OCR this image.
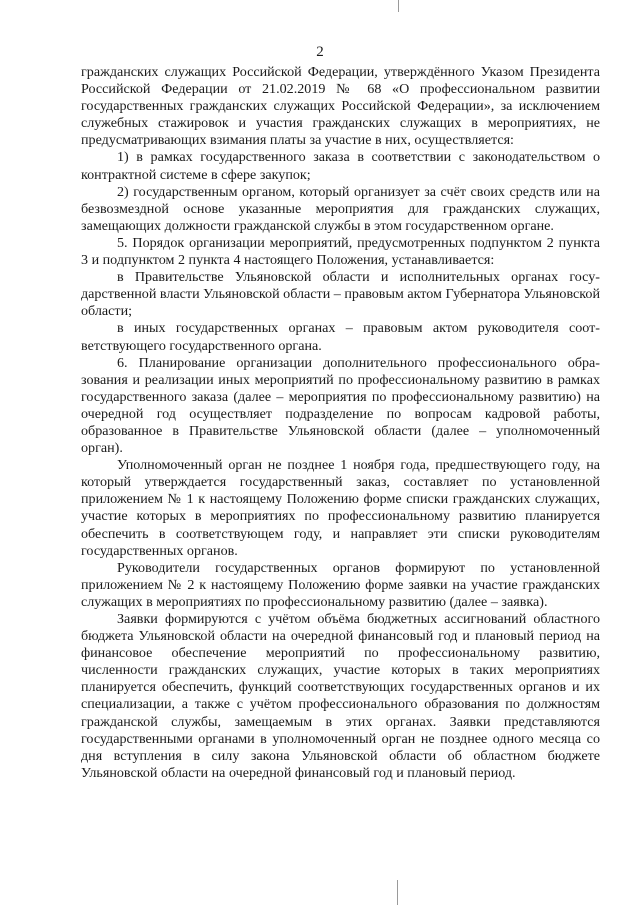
2

гражданских служащих Российской Федерации, утверждённого Указом Президента Российской Федерации от 21.02.2019 № 68 «О профессиональном развитии государственных гражданских служащих Российской Федерации», за исключением служебных стажировок и участия гражданских служащих в мероприятиях, не предусматривающих взимания платы за участие в них, осуществляется:

1) в рамках государственного заказа в соответствии с законодательством о контрактной системе в сфере закупок;

2) государственным органом, который организует за счёт своих средств или на безвозмездной основе указанные мероприятия для гражданских служащих, замещающих должности гражданской службы в этом государственном органе.

5. Порядок организации мероприятий, предусмотренных подпунктом 2 пункта 3 и подпунктом 2 пункта 4 настоящего Положения, устанавливается:

в Правительстве Ульяновской области и исполнительных органах государственной власти Ульяновской области – правовым актом Губернатора Ульяновской области;

в иных государственных органах – правовым актом руководителя соответствующего государственного органа.

6. Планирование организации дополнительного профессионального образования и реализации иных мероприятий по профессиональному развитию в рамках государственного заказа (далее – мероприятия по профессиональному развитию) на очередной год осуществляет подразделение по вопросам кадровой работы, образованное в Правительстве Ульяновской области (далее – уполномоченный орган).

Уполномоченный орган не позднее 1 ноября года, предшествующего году, на который утверждается государственный заказ, составляет по установленной приложением № 1 к настоящему Положению форме списки гражданских служащих, участие которых в мероприятиях по профессиональному развитию планируется обеспечить в соответствующем году, и направляет эти списки руководителям государственных органов.

Руководители государственных органов формируют по установленной приложением № 2 к настоящему Положению форме заявки на участие гражданских служащих в мероприятиях по профессиональному развитию (далее – заявка).

Заявки формируются с учётом объёма бюджетных ассигнований областного бюджета Ульяновской области на очередной финансовый год и плановый период на финансовое обеспечение мероприятий по профессиональному развитию, численности гражданских служащих, участие которых в таких мероприятиях планируется обеспечить, функций соответствующих государственных органов и их специализации, а также с учётом профессионального образования по должностям гражданской службы, замещаемым в этих органах. Заявки представляются государственными органами в уполномоченный орган не позднее одного месяца со дня вступления в силу закона Ульяновской области об областном бюджете Ульяновской области на очередной финансовый год и плановый период.
